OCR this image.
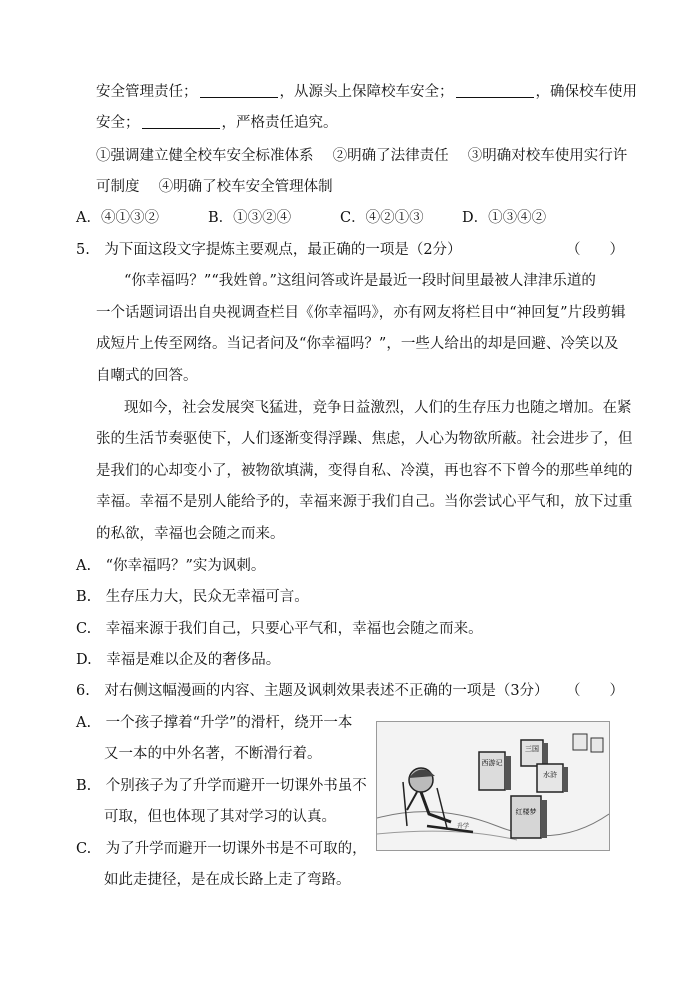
安全管理责任；	，从源头上保障校车安全；	，确保校车使用
安全；	，严格责任追究。
①强调建立健全校车安全标准体系　 ②明确了法律责任　 ③明确对校车使用实行许
可制度　 ④明确了校车安全管理体制
A．④①③②	B．①③②④	C．④②①③	D．①③④②
5.　为下面这段文字提炼主要观点，最正确的一项是（2分）	（　　）
“你幸福吗？”“我姓曾。”这组问答或许是最近一段时间里最被人津津乐道的
一个话题词语出自央视调查栏目《你幸福吗》，亦有网友将栏目中“神回复”片段剪辑
成短片上传至网络。当记者问及“你幸福吗？”，一些人给出的却是回避、冷笑以及
自嘲式的回答。
现如今，社会发展突飞猛进，竞争日益激烈，人们的生存压力也随之增加。在紧
张的生活节奏驱使下，人们逐渐变得浮躁、焦虑，人心为物欲所蔽。社会进步了，但
是我们的心却变小了，被物欲填满，变得自私、冷漠，再也容不下曾今的那些单纯的
幸福。幸福不是别人能给予的，幸福来源于我们自己。当你尝试心平气和，放下过重
的私欲，幸福也会随之而来。
A.　“你幸福吗？”实为讽刺。
B.　生存压力大，民众无幸福可言。
C.　幸福来源于我们自己，只要心平气和，幸福也会随之而来。
D.　幸福是难以企及的奢侈品。
6.　对右侧这幅漫画的内容、主题及讽刺效果表述不正确的一项是（3分） （　　）
A.　一个孩子撑着“升学”的滑杆，绕开一本
又一本的中外名著，不断滑行着。
B.　个别孩子为了升学而避开一切课外书虽不
可取，但也体现了其对学习的认真。
C.　为了升学而避开一切课外书是不可取的，
如此走捷径，是在成长路上走了弯路。
西游记
三国
水浒
红楼梦
升学
